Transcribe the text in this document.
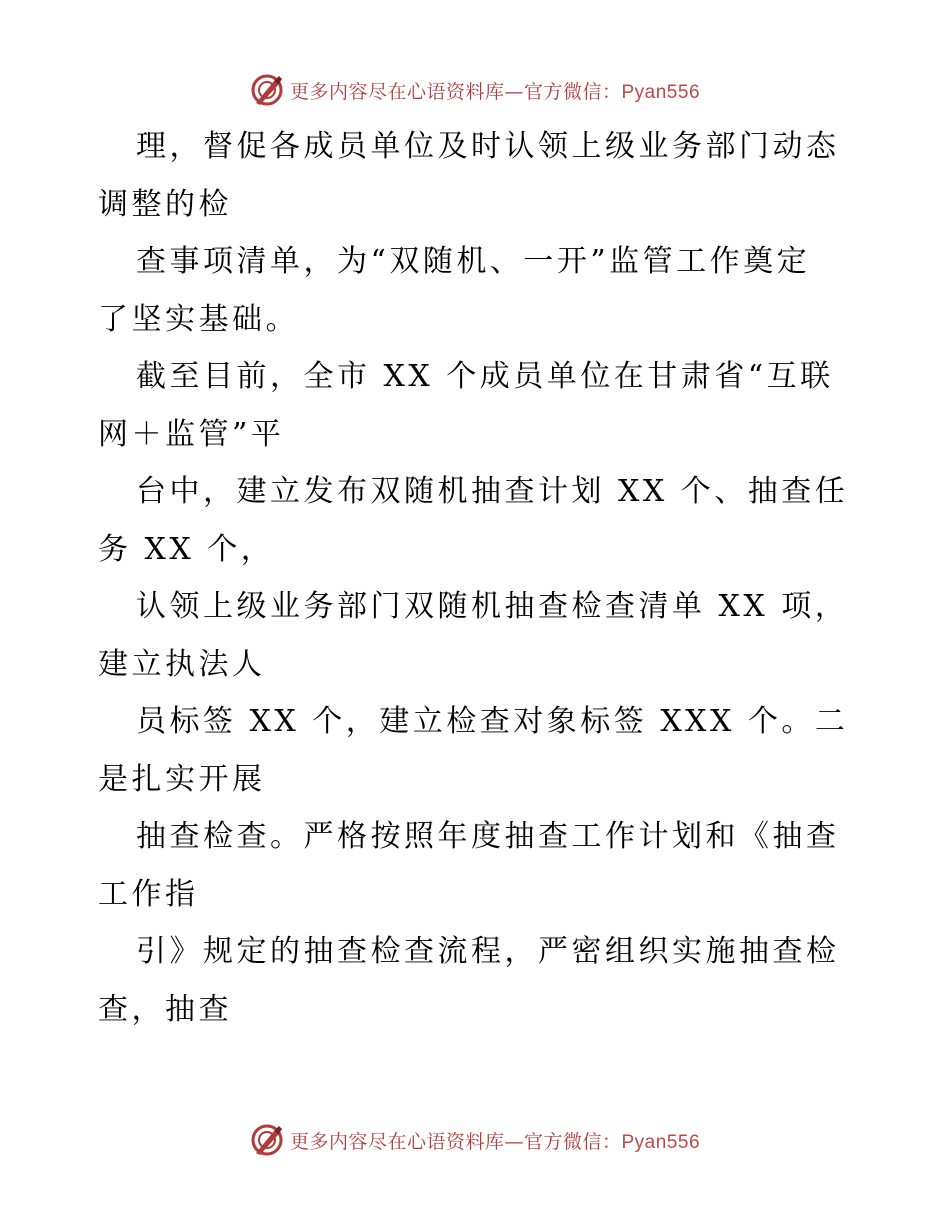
更多内容尽在心语资料库—官方微信：Pyan556
理，督促各成员单位及时认领上级业务部门动态
调整的检
查事项清单，为“双随机、一开”监管工作奠定
了坚实基础。
截至目前，全市 XX 个成员单位在甘肃省“互联
网＋监管”平
台中，建立发布双随机抽查计划 XX 个、抽查任
务 XX 个，
认领上级业务部门双随机抽查检查清单 XX 项，
建立执法人
员标签 XX 个，建立检查对象标签 XXX 个。二
是扎实开展
抽查检查。严格按照年度抽查工作计划和《抽查
工作指
引》规定的抽查检查流程，严密组织实施抽查检
查，抽查
更多内容尽在心语资料库—官方微信：Pyan556
